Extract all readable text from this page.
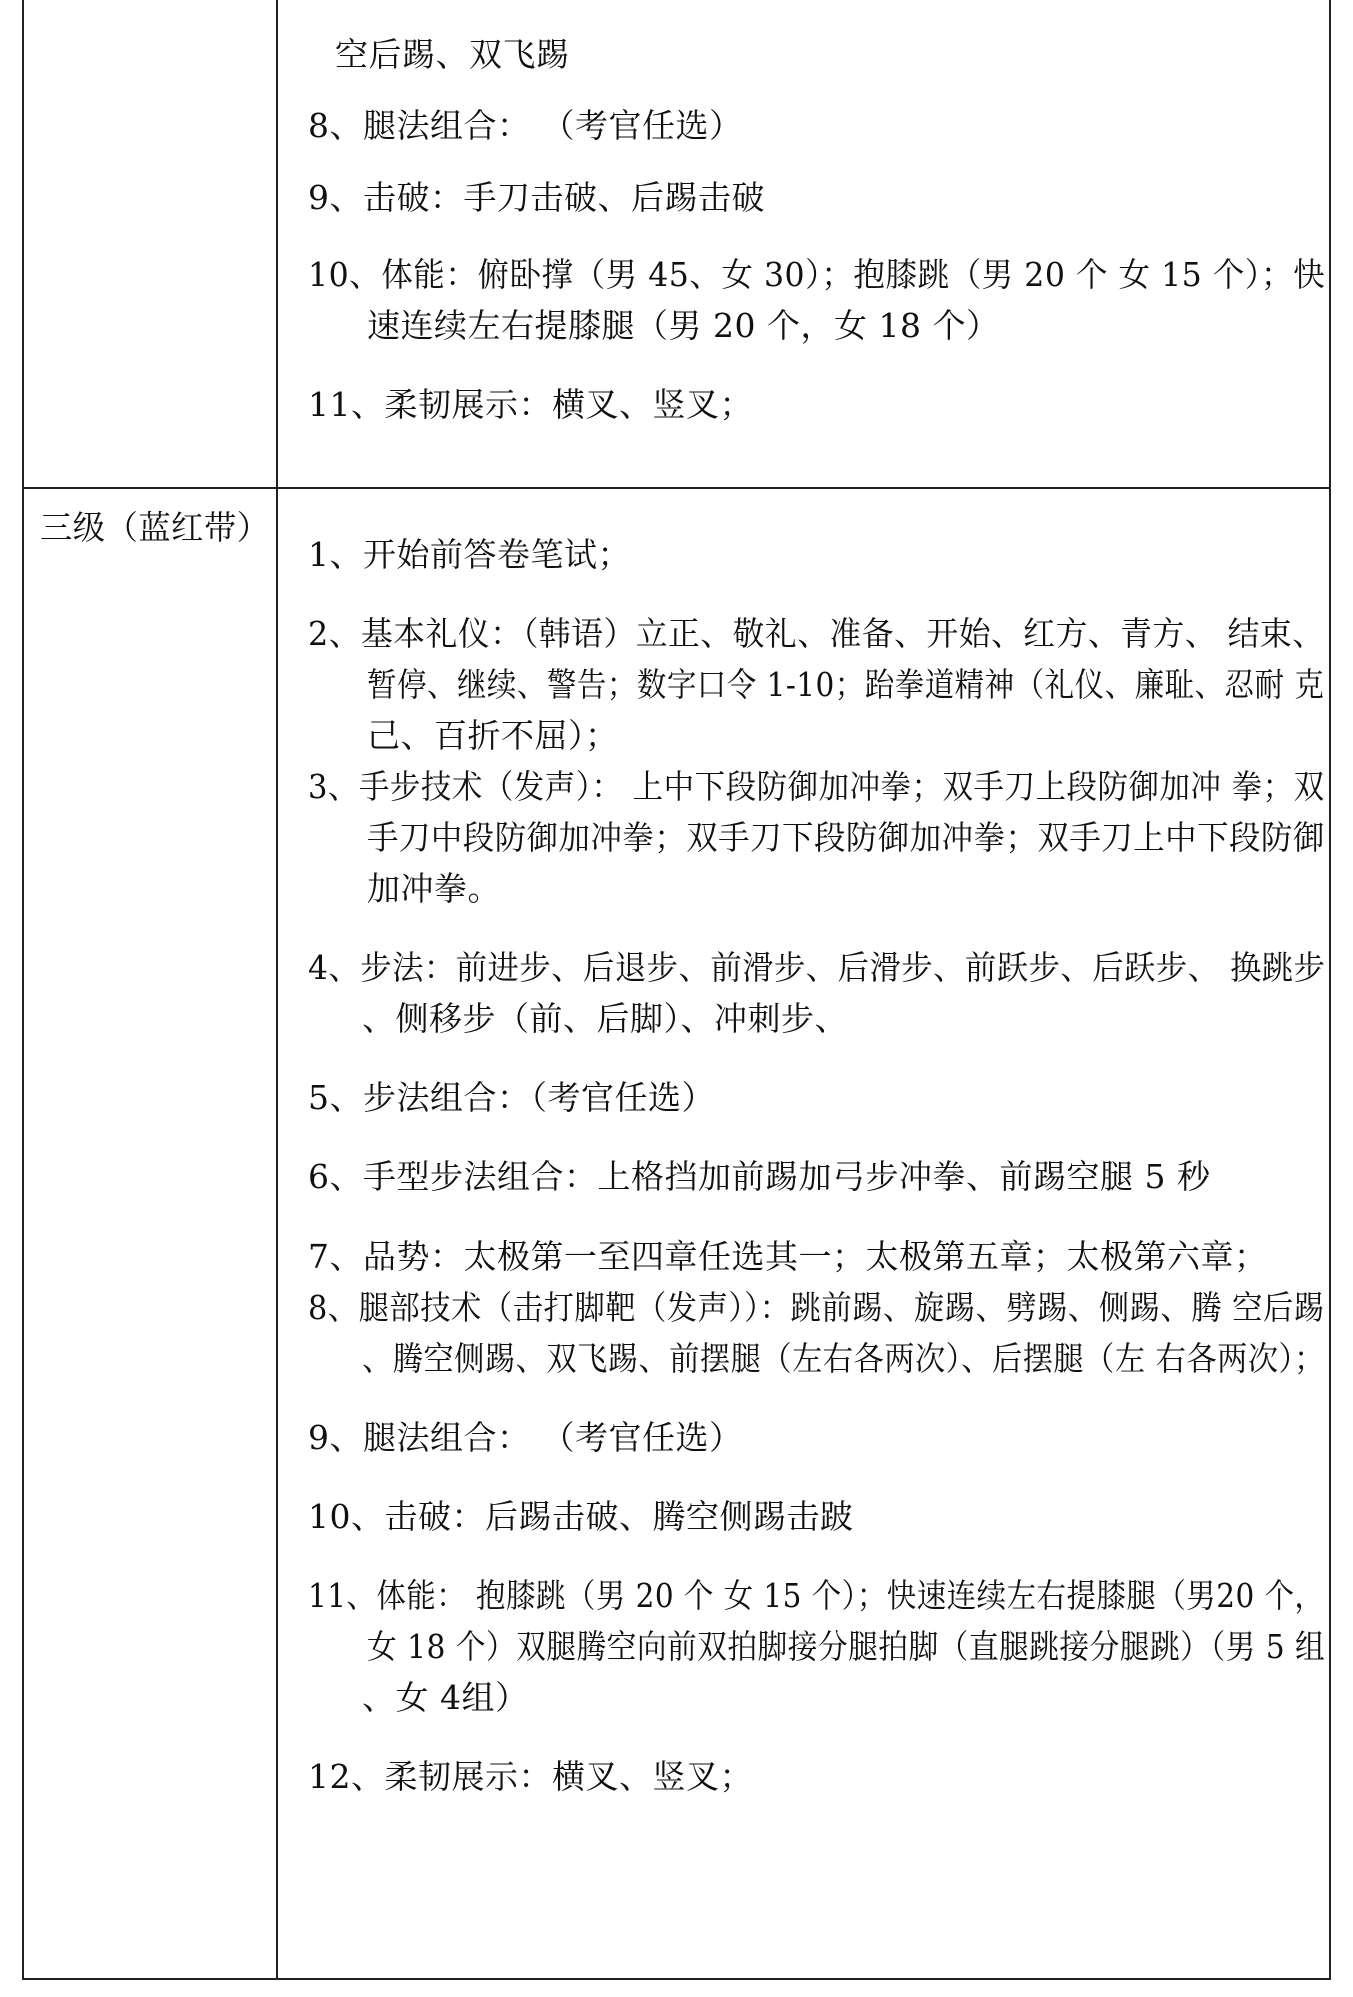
空后踢、双飞踢
8、腿法组合： （考官任选）
9、击破：手刀击破、后踢击破
10、体能：俯卧撑（男 45、女 30）；抱膝跳（男 20 个 女 15 个）；快
速连续左右提膝腿（男 20 个，女 18 个）
11、柔韧展示：横叉、竖叉；
三级（蓝红带）
1、开始前答卷笔试；
2、基本礼仪：（韩语）立正、敬礼、准备、开始、红方、青方、 结束、
暂停、继续、警告；数字口令 1-10；跆拳道精神（礼仪、廉耻、忍耐 克
己、百折不屈）；
3、手步技术（发声）： 上中下段防御加冲拳；双手刀上段防御加冲 拳；双
手刀中段防御加冲拳；双手刀下段防御加冲拳；双手刀上中下段防御
加冲拳。
4、步法：前进步、后退步、前滑步、后滑步、前跃步、后跃步、 换跳步
、侧移步（前、后脚）、冲刺步、
5、步法组合：（考官任选）
6、手型步法组合：上格挡加前踢加弓步冲拳、前踢空腿 5 秒
7、品势：太极第一至四章任选其一；太极第五章；太极第六章；
8、腿部技术（击打脚靶（发声））：跳前踢、旋踢、劈踢、侧踢、腾 空后踢
、腾空侧踢、双飞踢、前摆腿（左右各两次）、后摆腿（左 右各两次）；
9、腿法组合： （考官任选）
10、击破：后踢击破、腾空侧踢击跛
11、体能： 抱膝跳（男 20 个 女 15 个）；快速连续左右提膝腿（男20 个，
女 18 个）双腿腾空向前双拍脚接分腿拍脚（直腿跳接分腿跳）（男 5 组
、女 4组）
12、柔韧展示：横叉、竖叉；
